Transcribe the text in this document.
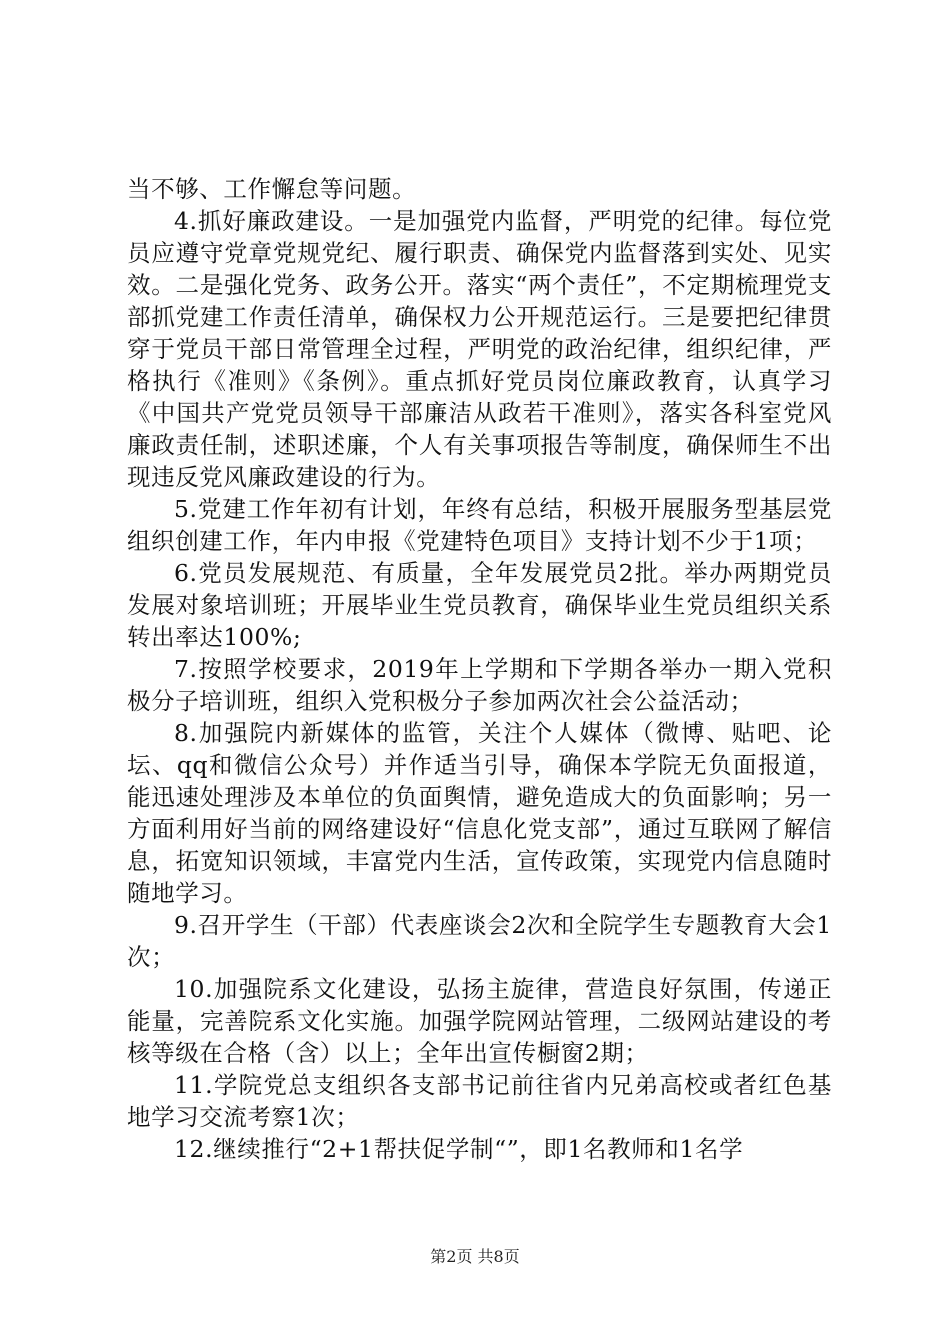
当不够、工作懈怠等问题。

4.抓好廉政建设。一是加强党内监督，严明党的纪律。每位党员应遵守党章党规党纪、履行职责、确保党内监督落到实处、见实效。二是强化党务、政务公开。落实“两个责任”，不定期梳理党支部抓党建工作责任清单，确保权力公开规范运行。三是要把纪律贯穿于党员干部日常管理全过程，严明党的政治纪律，组织纪律，严格执行《准则》《条例》。重点抓好党员岗位廉政教育，认真学习《中国共产党党员领导干部廉洁从政若干准则》，落实各科室党风廉政责任制，述职述廉，个人有关事项报告等制度，确保师生不出现违反党风廉政建设的行为。

5.党建工作年初有计划，年终有总结，积极开展服务型基层党组织创建工作，年内申报《党建特色项目》支持计划不少于1项；

6.党员发展规范、有质量，全年发展党员2批。举办两期党员发展对象培训班；开展毕业生党员教育，确保毕业生党员组织关系转出率达100%;

7.按照学校要求，2019年上学期和下学期各举办一期入党积极分子培训班，组织入党积极分子参加两次社会公益活动；

8.加强院内新媒体的监管，关注个人媒体（微博、贴吧、论坛、qq和微信公众号）并作适当引导，确保本学院无负面报道，能迅速处理涉及本单位的负面舆情，避免造成大的负面影响；另一方面利用好当前的网络建设好“信息化党支部”，通过互联网了解信息，拓宽知识领域，丰富党内生活，宣传政策，实现党内信息随时随地学习。

9.召开学生（干部）代表座谈会2次和全院学生专题教育大会1次；

10.加强院系文化建设，弘扬主旋律，营造良好氛围，传递正能量，完善院系文化实施。加强学院网站管理，二级网站建设的考核等级在合格（含）以上；全年出宣传橱窗2期；

11.学院党总支组织各支部书记前往省内兄弟高校或者红色基地学习交流考察1次；

12.继续推行“2+1帮扶促学制“”，即1名教师和1名学

第2页 共8页
